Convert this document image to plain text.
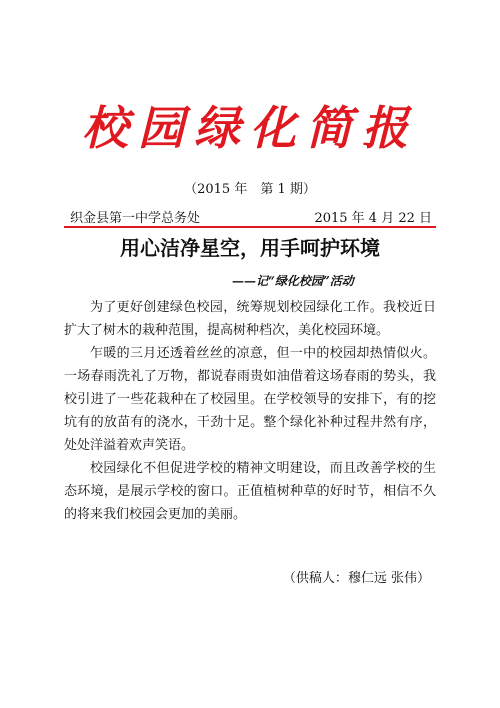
校园绿化简报
（2015 年　第 1 期）
织金县第一中学总务处	2015 年 4 月 22 日
用心洁净星空，用手呵护环境
——记“绿化校园”活动

为了更好创建绿色校园，统筹规划校园绿化工作。我校近日扩大了树木的栽种范围，提高树种档次，美化校园环境。

乍暖的三月还透着丝丝的凉意，但一中的校园却热情似火。一场春雨洗礼了万物，都说春雨贵如油借着这场春雨的势头，我校引进了一些花栽种在了校园里。在学校领导的安排下，有的挖坑有的放苗有的浇水，干劲十足。整个绿化补种过程井然有序，处处洋溢着欢声笑语。

校园绿化不但促进学校的精神文明建设，而且改善学校的生态环境，是展示学校的窗口。正值植树种草的好时节，相信不久的将来我们校园会更加的美丽。

（供稿人：穆仁远 张伟）
